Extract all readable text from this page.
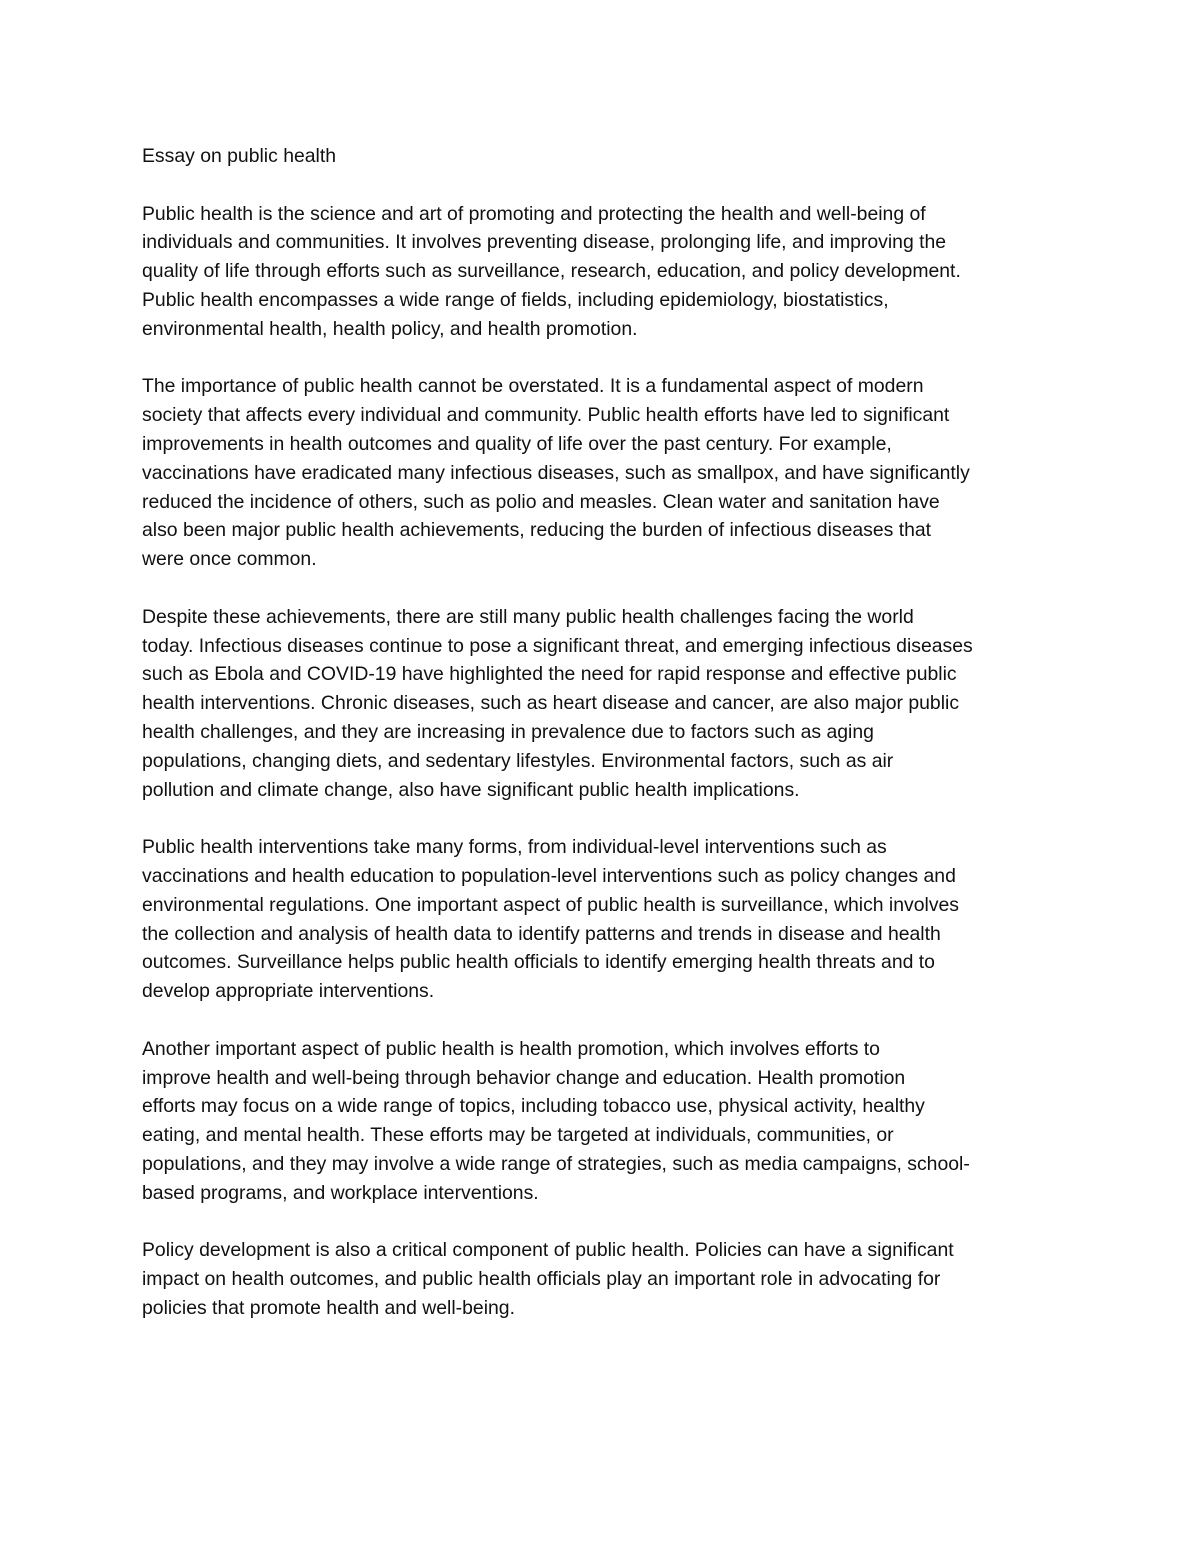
Essay on public health
Public health is the science and art of promoting and protecting the health and well-being of
individuals and communities. It involves preventing disease, prolonging life, and improving the
quality of life through efforts such as surveillance, research, education, and policy development.
Public health encompasses a wide range of fields, including epidemiology, biostatistics,
environmental health, health policy, and health promotion.
The importance of public health cannot be overstated. It is a fundamental aspect of modern
society that affects every individual and community. Public health efforts have led to significant
improvements in health outcomes and quality of life over the past century. For example,
vaccinations have eradicated many infectious diseases, such as smallpox, and have significantly
reduced the incidence of others, such as polio and measles. Clean water and sanitation have
also been major public health achievements, reducing the burden of infectious diseases that
were once common.
Despite these achievements, there are still many public health challenges facing the world
today. Infectious diseases continue to pose a significant threat, and emerging infectious diseases
such as Ebola and COVID-19 have highlighted the need for rapid response and effective public
health interventions. Chronic diseases, such as heart disease and cancer, are also major public
health challenges, and they are increasing in prevalence due to factors such as aging
populations, changing diets, and sedentary lifestyles. Environmental factors, such as air
pollution and climate change, also have significant public health implications.
Public health interventions take many forms, from individual-level interventions such as
vaccinations and health education to population-level interventions such as policy changes and
environmental regulations. One important aspect of public health is surveillance, which involves
the collection and analysis of health data to identify patterns and trends in disease and health
outcomes. Surveillance helps public health officials to identify emerging health threats and to
develop appropriate interventions.
Another important aspect of public health is health promotion, which involves efforts to
improve health and well-being through behavior change and education. Health promotion
efforts may focus on a wide range of topics, including tobacco use, physical activity, healthy
eating, and mental health. These efforts may be targeted at individuals, communities, or
populations, and they may involve a wide range of strategies, such as media campaigns, school-
based programs, and workplace interventions.
Policy development is also a critical component of public health. Policies can have a significant
impact on health outcomes, and public health officials play an important role in advocating for
policies that promote health and well-being.
